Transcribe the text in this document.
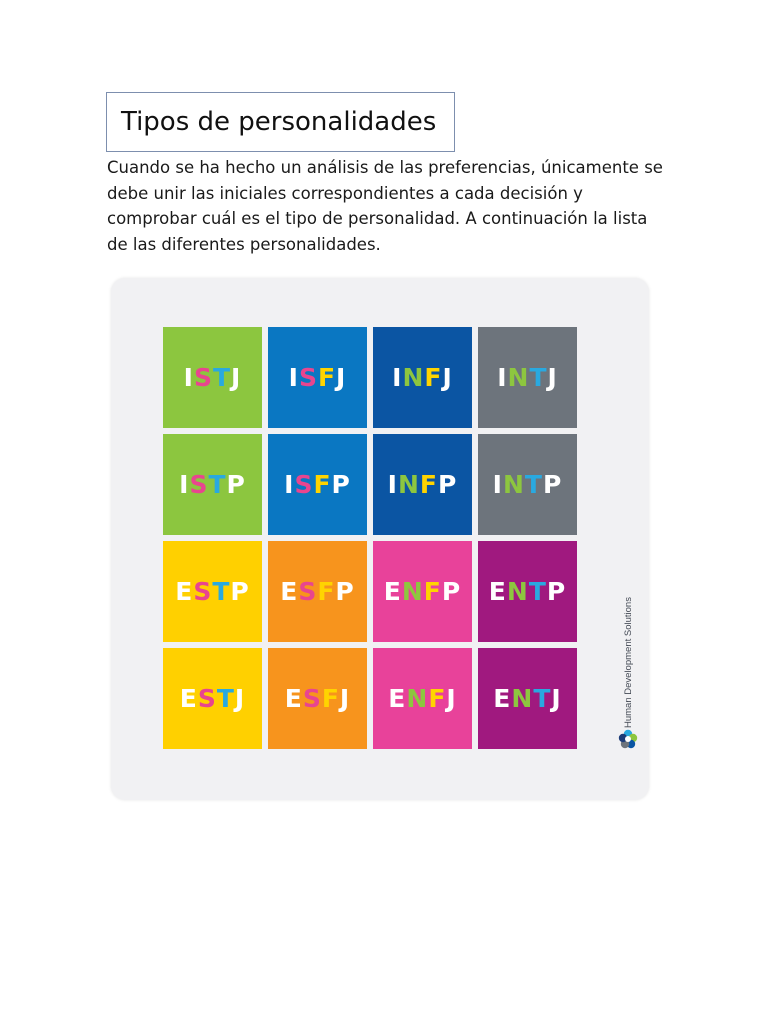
Tipos de personalidades

Cuando se ha hecho un análisis de las preferencias, únicamente se debe unir las iniciales correspondientes a cada decisión y comprobar cuál es el tipo de personalidad. A continuación la lista de las diferentes personalidades.

I S T J I S F J I N F J I N T J
I S T P I S F P I N F P I N T P
E S T P E S F P E N F P E N T P
E S T J E S F J E N F J E N T J	Human Development Solutions
